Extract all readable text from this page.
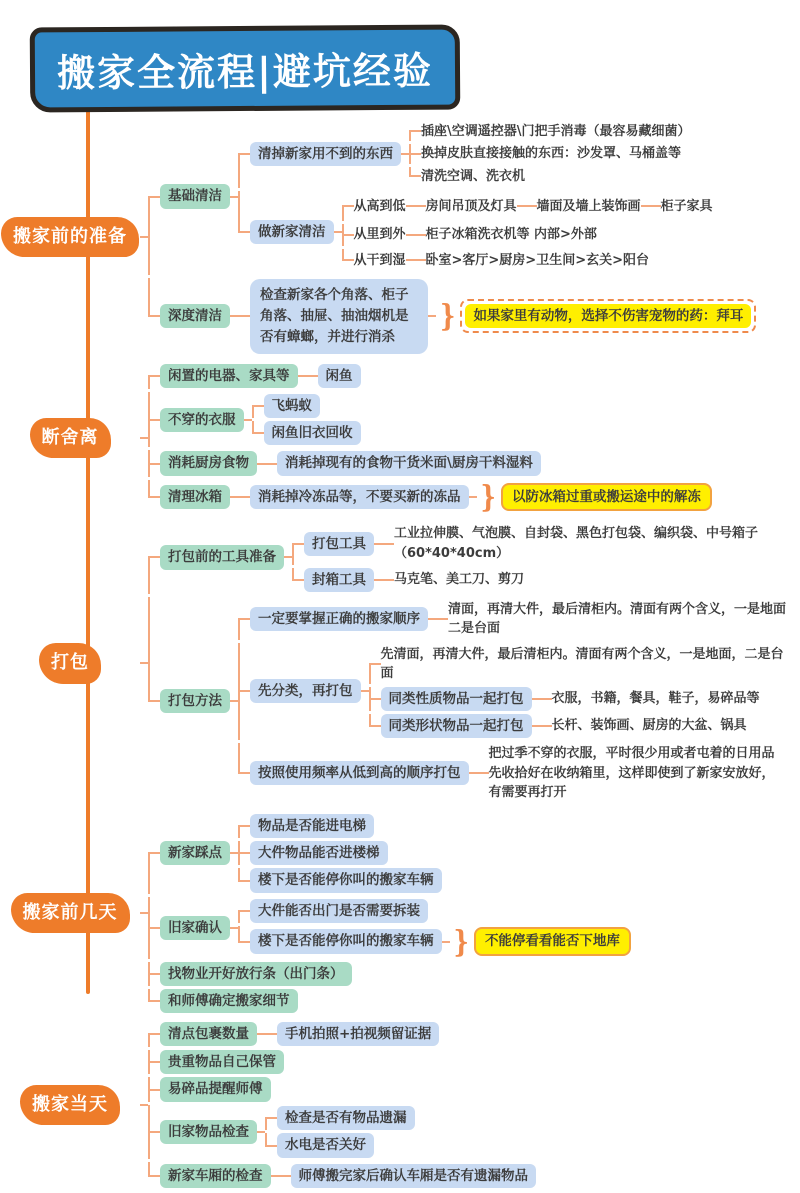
搬家全流程|避坑经验
搬家前的准备
基础清洁
清掉新家用不到的东西
插座\空调遥控器\门把手消毒（最容易藏细菌）
换掉皮肤直接接触的东西：沙发罩、马桶盖等
清洗空调、洗衣机
做新家清洁
从高到低 房间吊顶及灯具 墙面及墙上装饰画 柜子家具
从里到外 柜子冰箱洗衣机等 内部>外部
从干到湿 卧室>客厅>厨房>卫生间>玄关>阳台
深度清洁
检查新家各个角落、柜子角落、抽屉、抽油烟机是否有蟑螂，并进行消杀
}	如果家里有动物，选择不伤害宠物的药：拜耳
断舍离
闲置的电器、家具等	闲鱼
不穿的衣服
飞蚂蚁
闲鱼旧衣回收
消耗厨房食物	消耗掉现有的食物干货米面\厨房干料湿料
清理冰箱	消耗掉冷冻品等，不要买新的冻品 }	以防冰箱过重或搬运途中的解冻
打包
打包前的工具准备
打包工具
工业拉伸膜、气泡膜、自封袋、黑色打包袋、编织袋、中号箱子（60*40*40cm）
封箱工具	马克笔、美工刀、剪刀
打包方法
一定要掌握正确的搬家顺序
清面，再清大件，最后清柜内。清面有两个含义，一是地面二是台面
先分类，再打包
先清面，再清大件，最后清柜内。清面有两个含义，一是地面，二是台面
同类性质物品一起打包	衣服，书籍，餐具，鞋子，易碎品等
同类形状物品一起打包	长杆、装饰画、厨房的大盆、锅具
按照使用频率从低到高的顺序打包
把过季不穿的衣服，平时很少用或者屯着的日用品先收拾好在收纳箱里，这样即使到了新家安放好，有需要再打开
搬家前几天
新家踩点
物品是否能进电梯
大件物品能否进楼梯
楼下是否能停你叫的搬家车辆
旧家确认
大件能否出门是否需要拆装
楼下是否能停你叫的搬家车辆 }	不能停看看能否下地库
找物业开好放行条（出门条）
和师傅确定搬家细节
搬家当天
清点包裹数量	手机拍照+拍视频留证据
贵重物品自己保管
易碎品提醒师傅
旧家物品检查
检查是否有物品遗漏
水电是否关好
新家车厢的检查	师傅搬完家后确认车厢是否有遗漏物品
